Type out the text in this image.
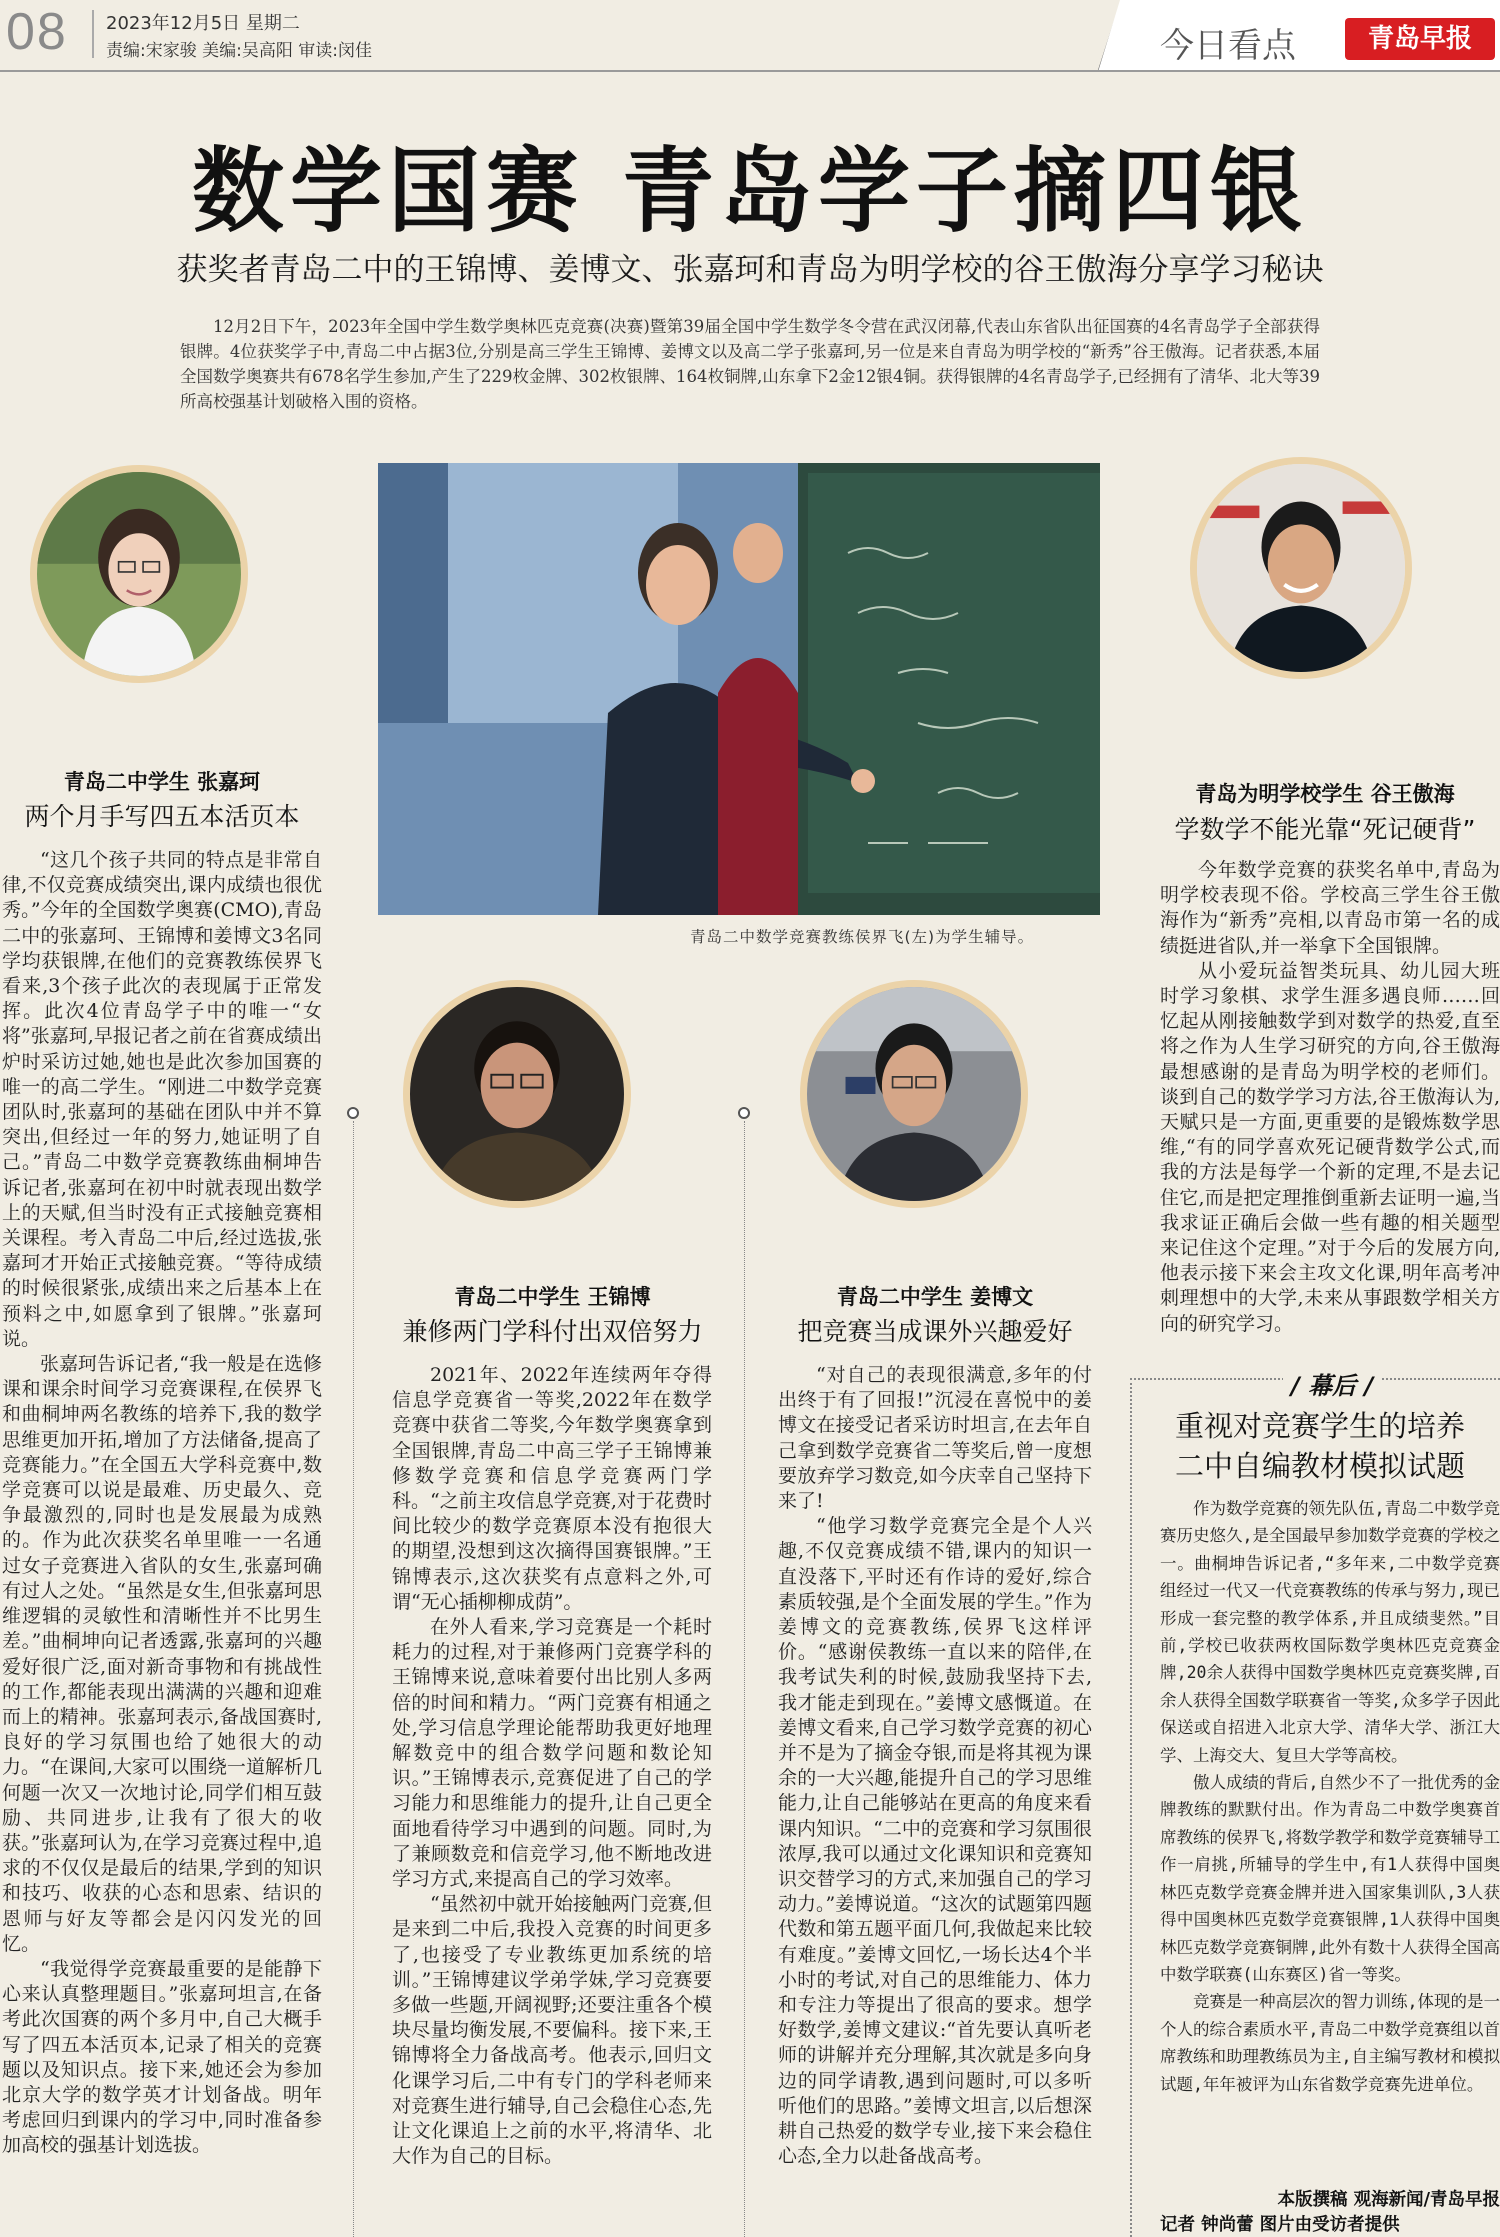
08 2023年12月5日 星期二
责编:宋家骏 美编:吴高阳 审读:闵佳	今日看点	青岛早报
数学国赛 青岛学子摘四银
获奖者青岛二中的王锦博、姜博文、张嘉珂和青岛为明学校的谷王傲海分享学习秘诀

12月2日下午，2023年全国中学生数学奥林匹克竞赛(决赛)暨第39届全国中学生数学冬令营在武汉闭幕,代表山东省队出征国赛的4名青岛学子全部获得银牌。4位获奖学子中,青岛二中占据3位,分别是高三学生王锦博、姜博文以及高二学子张嘉珂,另一位是来自青岛为明学校的“新秀”谷王傲海。记者获悉,本届全国数学奥赛共有678名学生参加,产生了229枚金牌、302枚银牌、164枚铜牌,山东拿下2金12银4铜。获得银牌的4名青岛学子,已经拥有了清华、北大等39所高校强基计划破格入围的资格。

青岛二中数学竞赛教练侯界飞(左)为学生辅导。
青岛二中学生 张嘉珂
两个月手写四五本活页本
青岛为明学校学生 谷王傲海
学数学不能光靠“死记硬背”
青岛二中学生 王锦博
兼修两门学科付出双倍努力
青岛二中学生 姜博文
把竞赛当成课外兴趣爱好

“这几个孩子共同的特点是非常自律,不仅竞赛成绩突出,课内成绩也很优秀。”今年的全国数学奥赛(CMO),青岛二中的张嘉珂、王锦博和姜博文3名同学均获银牌,在他们的竞赛教练侯界飞看来,3个孩子此次的表现属于正常发挥。此次4位青岛学子中的唯一“女将”张嘉珂,早报记者之前在省赛成绩出炉时采访过她,她也是此次参加国赛的唯一的高二学生。“刚进二中数学竞赛团队时,张嘉珂的基础在团队中并不算突出,但经过一年的努力,她证明了自己。”青岛二中数学竞赛教练曲桐坤告诉记者,张嘉珂在初中时就表现出数学上的天赋,但当时没有正式接触竞赛相关课程。考入青岛二中后,经过选拔,张嘉珂才开始正式接触竞赛。“等待成绩的时候很紧张,成绩出来之后基本上在预料之中,如愿拿到了银牌。”张嘉珂说。

张嘉珂告诉记者,“我一般是在选修课和课余时间学习竞赛课程,在侯界飞和曲桐坤两名教练的培养下,我的数学思维更加开拓,增加了方法储备,提高了竞赛能力。”在全国五大学科竞赛中,数学竞赛可以说是最难、历史最久、竞争最激烈的,同时也是发展最为成熟的。作为此次获奖名单里唯一一名通过女子竞赛进入省队的女生,张嘉珂确有过人之处。“虽然是女生,但张嘉珂思维逻辑的灵敏性和清晰性并不比男生差。”曲桐坤向记者透露,张嘉珂的兴趣爱好很广泛,面对新奇事物和有挑战性的工作,都能表现出满满的兴趣和迎难而上的精神。张嘉珂表示,备战国赛时,良好的学习氛围也给了她很大的动力。“在课间,大家可以围绕一道解析几何题一次又一次地讨论,同学们相互鼓励、共同进步,让我有了很大的收获。”张嘉珂认为,在学习竞赛过程中,追求的不仅仅是最后的结果,学到的知识和技巧、收获的心态和思索、结识的恩师与好友等都会是闪闪发光的回忆。

“我觉得学竞赛最重要的是能静下心来认真整理题目。”张嘉珂坦言,在备考此次国赛的两个多月中,自己大概手写了四五本活页本,记录了相关的竞赛题以及知识点。接下来,她还会为参加北京大学的数学英才计划备战。明年考虑回归到课内的学习中,同时准备参加高校的强基计划选拔。

2021年、2022年连续两年夺得信息学竞赛省一等奖,2022年在数学竞赛中获省二等奖,今年数学奥赛拿到全国银牌,青岛二中高三学子王锦博兼修数学竞赛和信息学竞赛两门学科。“之前主攻信息学竞赛,对于花费时间比较少的数学竞赛原本没有抱很大的期望,没想到这次摘得国赛银牌。”王锦博表示,这次获奖有点意料之外,可谓“无心插柳柳成荫”。

在外人看来,学习竞赛是一个耗时耗力的过程,对于兼修两门竞赛学科的王锦博来说,意味着要付出比别人多两倍的时间和精力。“两门竞赛有相通之处,学习信息学理论能帮助我更好地理解数竞中的组合数学问题和数论知识。”王锦博表示,竞赛促进了自己的学习能力和思维能力的提升,让自己更全面地看待学习中遇到的问题。同时,为了兼顾数竞和信竞学习,他不断地改进学习方式,来提高自己的学习效率。

“虽然初中就开始接触两门竞赛,但是来到二中后,我投入竞赛的时间更多了,也接受了专业教练更加系统的培训。”王锦博建议学弟学妹,学习竞赛要多做一些题,开阔视野;还要注重各个模块尽量均衡发展,不要偏科。接下来,王锦博将全力备战高考。他表示,回归文化课学习后,二中有专门的学科老师来对竞赛生进行辅导,自己会稳住心态,先让文化课追上之前的水平,将清华、北大作为自己的目标。

“对自己的表现很满意,多年的付出终于有了回报!”沉浸在喜悦中的姜博文在接受记者采访时坦言,在去年自己拿到数学竞赛省二等奖后,曾一度想要放弃学习数竞,如今庆幸自己坚持下来了!

“他学习数学竞赛完全是个人兴趣,不仅竞赛成绩不错,课内的知识一直没落下,平时还有作诗的爱好,综合素质较强,是个全面发展的学生。”作为姜博文的竞赛教练,侯界飞这样评价。“感谢侯教练一直以来的陪伴,在我考试失利的时候,鼓励我坚持下去,我才能走到现在。”姜博文感慨道。在姜博文看来,自己学习数学竞赛的初心并不是为了摘金夺银,而是将其视为课余的一大兴趣,能提升自己的学习思维能力,让自己能够站在更高的角度来看课内知识。“二中的竞赛和学习氛围很浓厚,我可以通过文化课知识和竞赛知识交替学习的方式,来加强自己的学习动力。”姜博说道。“这次的试题第四题代数和第五题平面几何,我做起来比较有难度。”姜博文回忆,一场长达4个半小时的考试,对自己的思维能力、体力和专注力等提出了很高的要求。想学好数学,姜博文建议:“首先要认真听老师的讲解并充分理解,其次就是多向身边的同学请教,遇到问题时,可以多听听他们的思路。”姜博文坦言,以后想深耕自己热爱的数学专业,接下来会稳住心态,全力以赴备战高考。

今年数学竞赛的获奖名单中,青岛为明学校表现不俗。学校高三学生谷王傲海作为“新秀”亮相,以青岛市第一名的成绩挺进省队,并一举拿下全国银牌。

从小爱玩益智类玩具、幼儿园大班时学习象棋、求学生涯多遇良师……回忆起从刚接触数学到对数学的热爱,直至将之作为人生学习研究的方向,谷王傲海最想感谢的是青岛为明学校的老师们。谈到自己的数学学习方法,谷王傲海认为,天赋只是一方面,更重要的是锻炼数学思维,“有的同学喜欢死记硬背数学公式,而我的方法是每学一个新的定理,不是去记住它,而是把定理推倒重新去证明一遍,当我求证正确后会做一些有趣的相关题型来记住这个定理。”对于今后的发展方向,他表示接下来会主攻文化课,明年高考冲刺理想中的大学,未来从事跟数学相关方向的研究学习。

/ 幕后 /
重视对竞赛学生的培养
二中自编教材模拟试题

作为数学竞赛的领先队伍,青岛二中数学竞赛历史悠久,是全国最早参加数学竞赛的学校之一。曲桐坤告诉记者,“多年来,二中数学竞赛组经过一代又一代竞赛教练的传承与努力,现已形成一套完整的教学体系,并且成绩斐然。”目前,学校已收获两枚国际数学奥林匹克竞赛金牌,20余人获得中国数学奥林匹克竞赛奖牌,百余人获得全国数学联赛省一等奖,众多学子因此保送或自招进入北京大学、清华大学、浙江大学、上海交大、复旦大学等高校。

傲人成绩的背后,自然少不了一批优秀的金牌教练的默默付出。作为青岛二中数学奥赛首席教练的侯界飞,将数学教学和数学竞赛辅导工作一肩挑,所辅导的学生中,有1人获得中国奥林匹克数学竞赛金牌并进入国家集训队,3人获得中国奥林匹克数学竞赛银牌,1人获得中国奥林匹克数学竞赛铜牌,此外有数十人获得全国高中数学联赛(山东赛区)省一等奖。

竞赛是一种高层次的智力训练,体现的是一个人的综合素质水平,青岛二中数学竞赛组以首席教练和助理教练员为主,自主编写教材和模拟试题,年年被评为山东省数学竞赛先进单位。

本版撰稿 观海新闻/青岛早报
记者 钟尚蕾 图片由受访者提供
